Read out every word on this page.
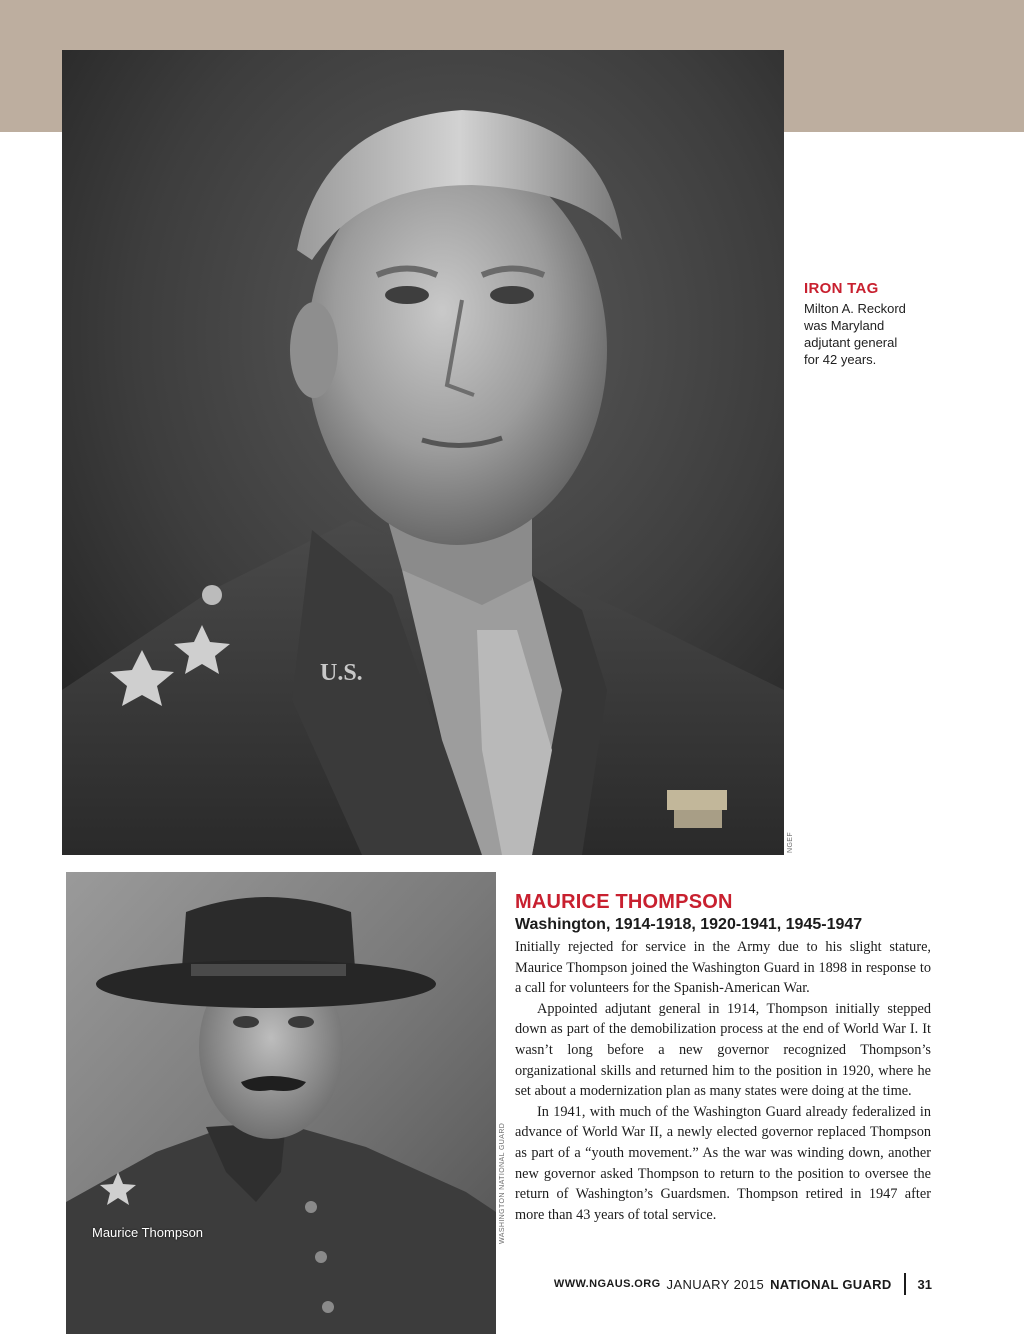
U.S.
NGEF
IRON TAG
Milton A. Reckord
was Maryland
adjutant general
for 42 years.
Maurice Thompson	WASHINGTON NATIONAL GUARD
MAURICE THOMPSON
Washington, 1914-1918, 1920-1941, 1945-1947

Initially rejected for service in the Army due to his slight stature, Maurice Thompson joined the Washington Guard in 1898 in response to a call for volunteers for the Spanish-American War.

Appointed adjutant general in 1914, Thompson initially stepped down as part of the demobilization process at the end of World War I. It wasn’t long before a new governor recognized Thompson’s organizational skills and returned him to the position in 1920, where he set about a modernization plan as many states were doing at the time.

In 1941, with much of the Washington Guard already federalized in advance of World War II, a newly elected governor replaced Thompson as part of a “youth movement.” As the war was winding down, another new governor asked Thompson to return to the position to oversee the return of Washington’s Guardsmen. Thompson retired in 1947 after more than 43 years of total service.

WWW.NGAUS.ORG JANUARY 2015 NATIONAL GUARD 31
